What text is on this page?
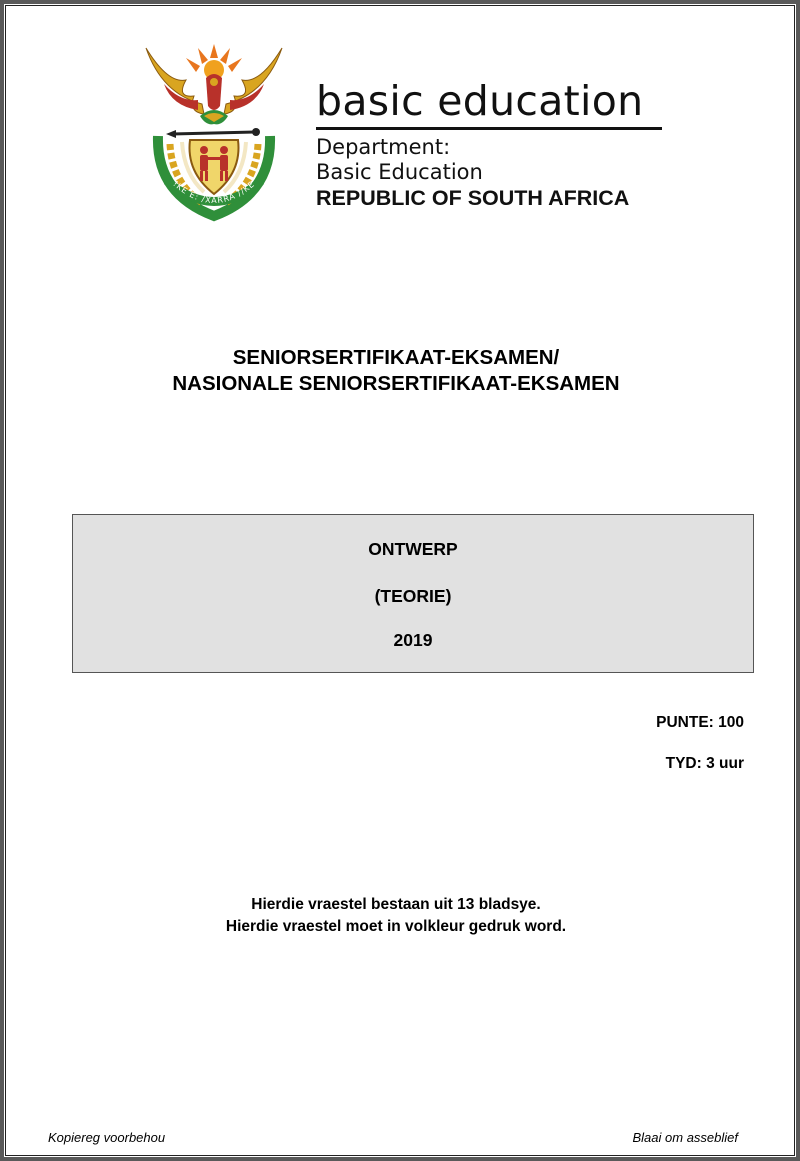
!KE E: /XARRA //KE
basic education
Department:
Basic Education
REPUBLIC OF SOUTH AFRICA
SENIORSERTIFIKAAT-EKSAMEN/
NASIONALE SENIORSERTIFIKAAT-EKSAMEN
ONTWERP
(TEORIE)
2019
PUNTE: 100
TYD: 3 uur
Hierdie vraestel bestaan uit 13 bladsye.
Hierdie vraestel moet in volkleur gedruk word.
Kopiereg voorbehou	Blaai om asseblief
